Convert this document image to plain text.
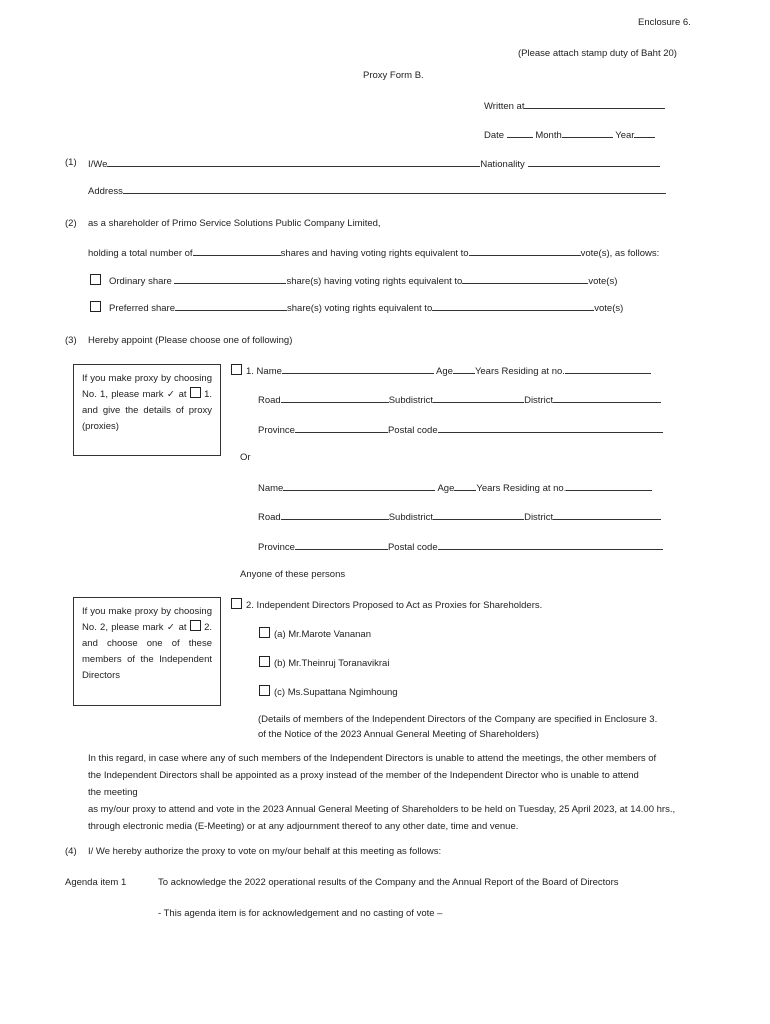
Enclosure 6.
(Please attach stamp duty of Baht 20)
Proxy Form B.
Written at
Date	Month	Year
(1) I/We	Nationality
Address
(2) as a shareholder of Primo Service Solutions Public Company Limited,
holding a total number of	shares and having voting rights equivalent to	vote(s), as follows:
Ordinary share	share(s) having voting rights equivalent to	vote(s)
Preferred share	share(s) voting rights equivalent to	vote(s)
(3) Hereby appoint (Please choose one of following)
If you make proxy by choosing No. 1, please mark ✓ at 1. and give the details of proxy (proxies)
1. Name	Age Years Residing at no.
Road	Subdistrict	District
Province	Postal code
Or
Name	Age Years Residing at no.
Road	Subdistrict	District
Province	Postal code
Anyone of these persons
If you make proxy by choosing No. 2, please mark ✓ at 2. and choose one of these members of the Independent Directors
2. Independent Directors Proposed to Act as Proxies for Shareholders.
(a) Mr.Marote Vananan
(b) Mr.Theinruj Toranavikrai
(c) Ms.Supattana Ngimhoung
(Details of members of the Independent Directors of the Company are specified in Enclosure 3.
of the Notice of the 2023 Annual General Meeting of Shareholders)
In this regard, in case where any of such members of the Independent Directors is unable to attend the meetings, the other members of
the Independent Directors shall be appointed as a proxy instead of the member of the Independent Director who is unable to attend
the meeting
as my/our proxy to attend and vote in the 2023 Annual General Meeting of Shareholders to be held on Tuesday, 25 April 2023, at 14.00 hrs.,
through electronic media (E-Meeting) or at any adjournment thereof to any other date, time and venue.
(4) I/ We hereby authorize the proxy to vote on my/our behalf at this meeting as follows:
Agenda item 1	To acknowledge the 2022 operational results of the Company and the Annual Report of the Board of Directors
- This agenda item is for acknowledgement and no casting of vote –
